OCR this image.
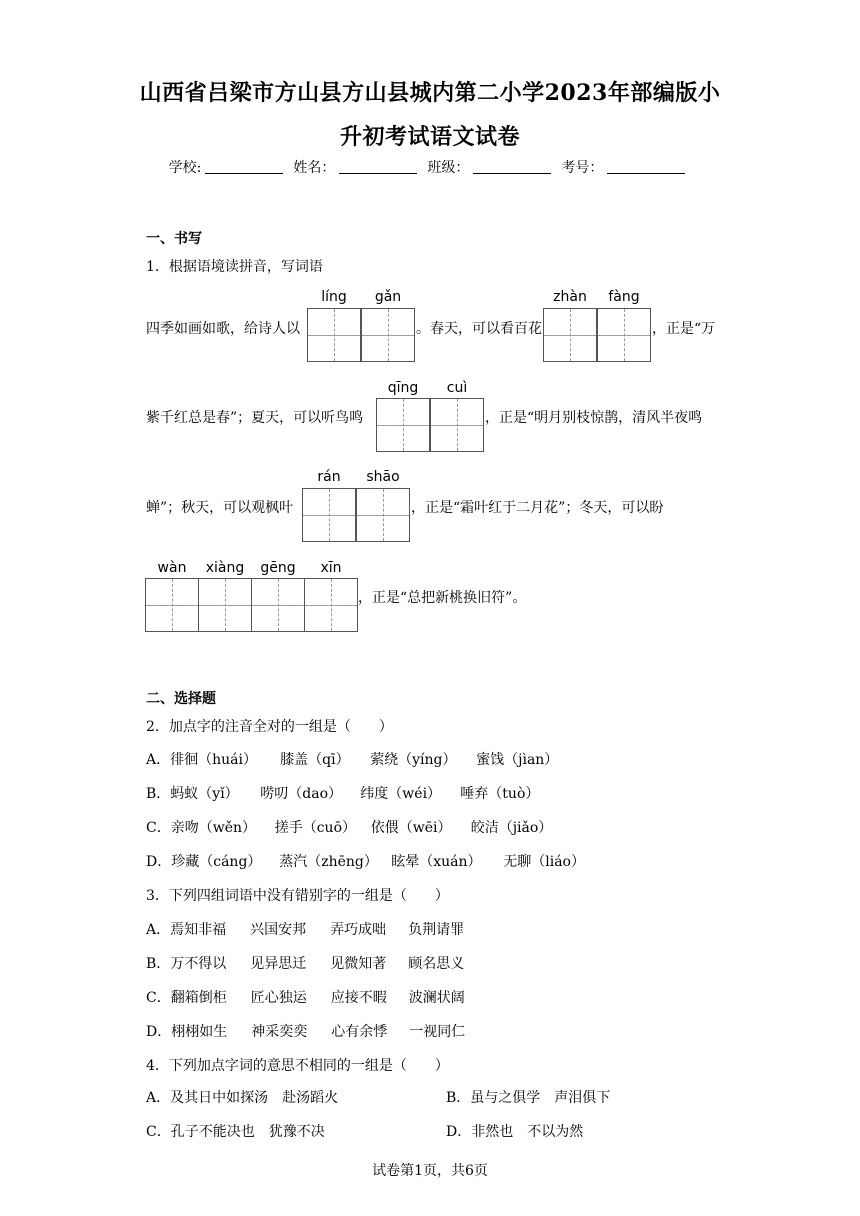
山西省吕梁市方山县方山县城内第二小学2023年部编版小
升初考试语文试卷
学校:	姓名：	班级：	考号：
一、书写
1．根据语境读拼音，写词语
四季如画如歌，给诗人以
líng	gǎn
。春天，可以看百花
zhàn	fàng
，正是“万
紫千红总是春”；夏天，可以听鸟鸣
qīng	cuì
，正是“明月别枝惊鹊，清风半夜鸣
蝉”；秋天，可以观枫叶
rán	shāo
，正是“霜叶红于二月花”；冬天，可以盼
wàn	xiàng	gēng	xīn
，正是“总把新桃换旧符”。
二、选择题
2．加点字的注音全对的一组是（　　）
A．徘徊（huái） 膝盖（qī） 萦绕（yíng） 蜜饯（jìan）
B．蚂蚁（yǐ） 唠叨（dao） 纬度（wéi） 唾弃（tuò）
C．亲吻（wěn） 搓手（cuō） 依偎（wēi） 皎洁（jiǎo）
D．珍藏（cáng） 蒸汽（zhēng） 眩晕（xuán） 无聊（liáo）
3．下列四组词语中没有错别字的一组是（　　）
A．焉知非福 兴国安邦 弄巧成咄 负荆请罪
B．万不得以 见异思迁 见微知著 顾名思义
C．翻箱倒柜 匠心独运 应接不暇 波澜状阔
D．栩栩如生 神采奕奕 心有余悸 一视同仁
4．下列加点字词的意思不相同的一组是（　　）
A．及其日中如探汤　赴汤蹈火	B．虽与之俱学　声泪俱下
C．孔子不能决也　犹豫不决	D．非然也　不以为然
试卷第1页，共6页
